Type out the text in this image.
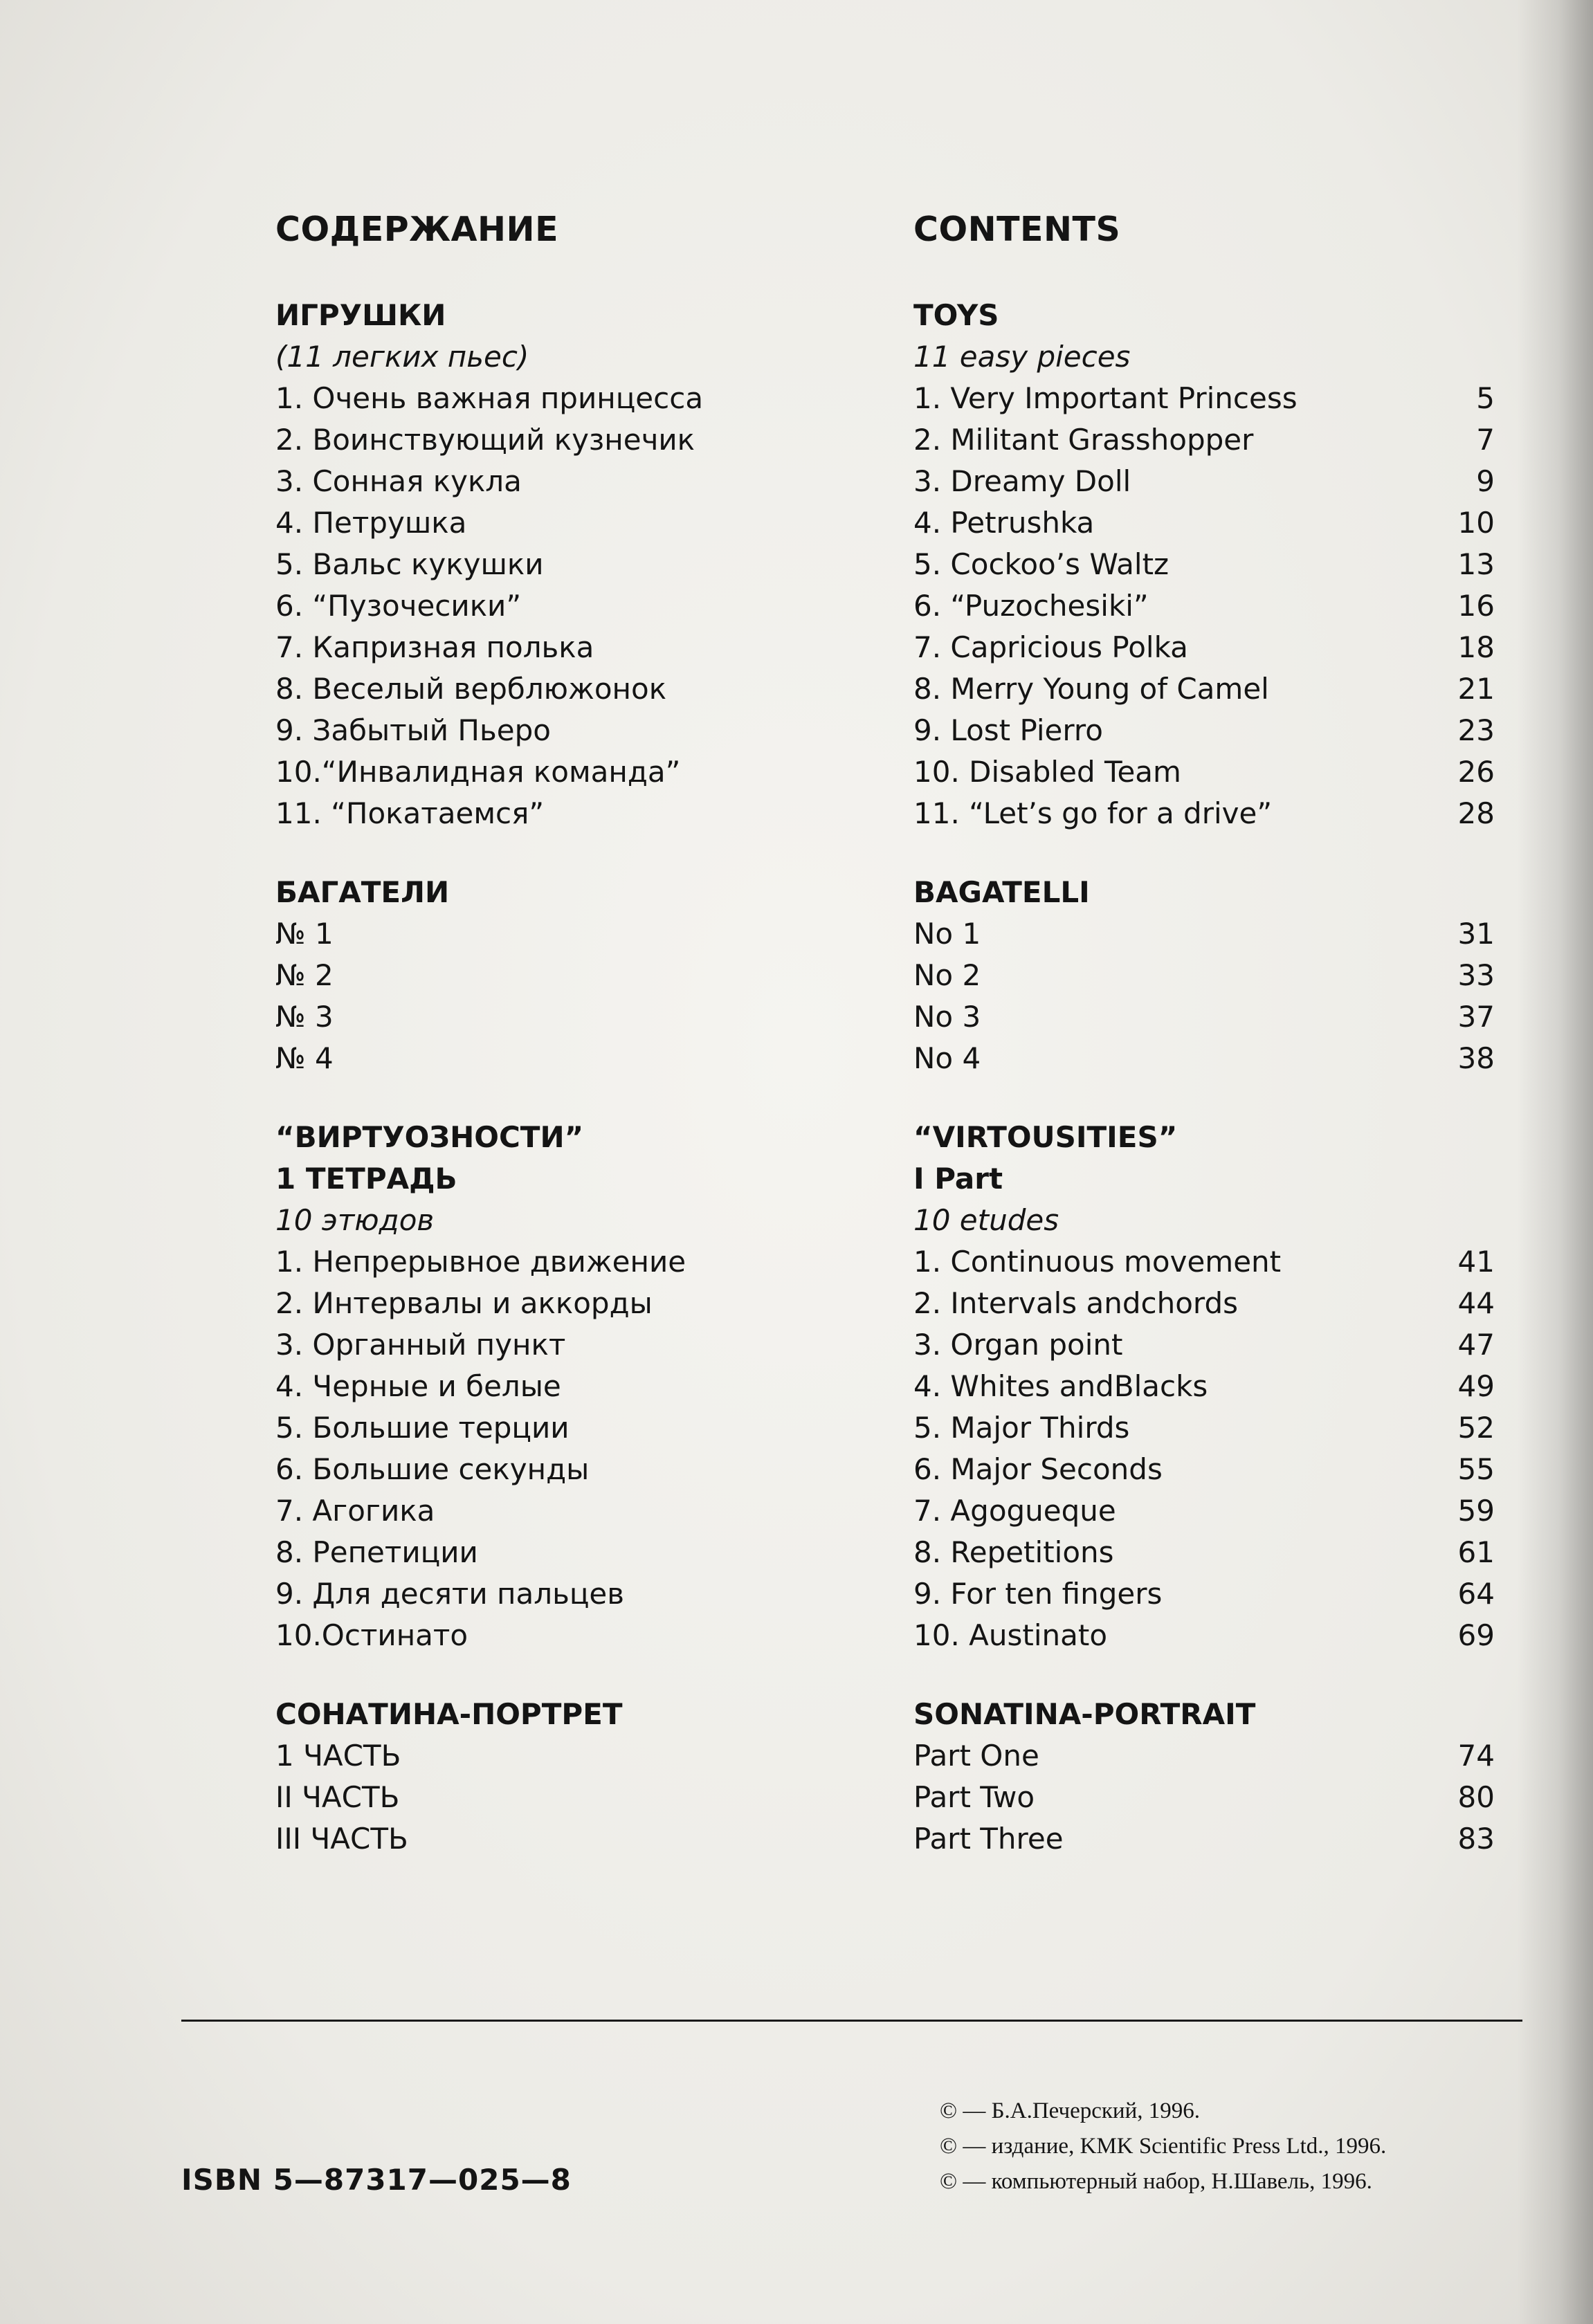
СОДЕРЖАНИЕ
ИГРУШКИ
(11 легких пьес)
1. Очень важная принцесса
2. Воинствующий кузнечик
3. Сонная кукла
4. Петрушка
5. Вальс кукушки
6. “Пузочесики”
7. Капризная полька
8. Веселый верблюжонок
9. Забытый Пьеро
10.“Инвалидная команда”
11. “Покатаемся”
БАГАТЕЛИ
№ 1
№ 2
№ 3
№ 4
“ВИРТУОЗНОСТИ”
1 ТЕТРАДЬ
10 этюдов
1. Непрерывное движение
2. Интервалы и аккорды
3. Органный пункт
4. Черные и белые
5. Большие терции
6. Большие секунды
7. Агогика
8. Репетиции
9. Для десяти пальцев
10.Остинато
СОНАТИНА-ПОРТРЕТ
1 ЧАСТЬ
II ЧАСТЬ
III ЧАСТЬ
CONTENTS
TOYS
11 easy pieces
1. Very Important Princess	5
2. Militant Grasshopper	7
3. Dreamy Doll	9
4. Petrushka	10
5. Cockoo’s Waltz	13
6. “Puzochesiki”	16
7. Capricious Polka	18
8. Merry Young of Camel	21
9. Lost Pierro	23
10. Disabled Team	26
11. “Let’s go for a drive”	28
BAGATELLI
No 1	31
No 2	33
No 3	37
No 4	38
“VIRTOUSITIES”
I Part
10 etudes
1. Continuous movement	41
2. Intervals andchords	44
3. Organ point	47
4. Whites andBlacks	49
5. Major Thirds	52
6. Major Seconds	55
7. Agogueque	59
8. Repetitions	61
9. For ten fingers	64
10. Austinato	69
SONATINA-PORTRAIT
Part One	74
Part Two	80
Part Three	83
© — Б.А.Печерский, 1996.
© — издание, KMK Scientific Press Ltd., 1996.
© — компьютерный набор, Н.Шавель, 1996.
ISBN 5—87317—025—8
